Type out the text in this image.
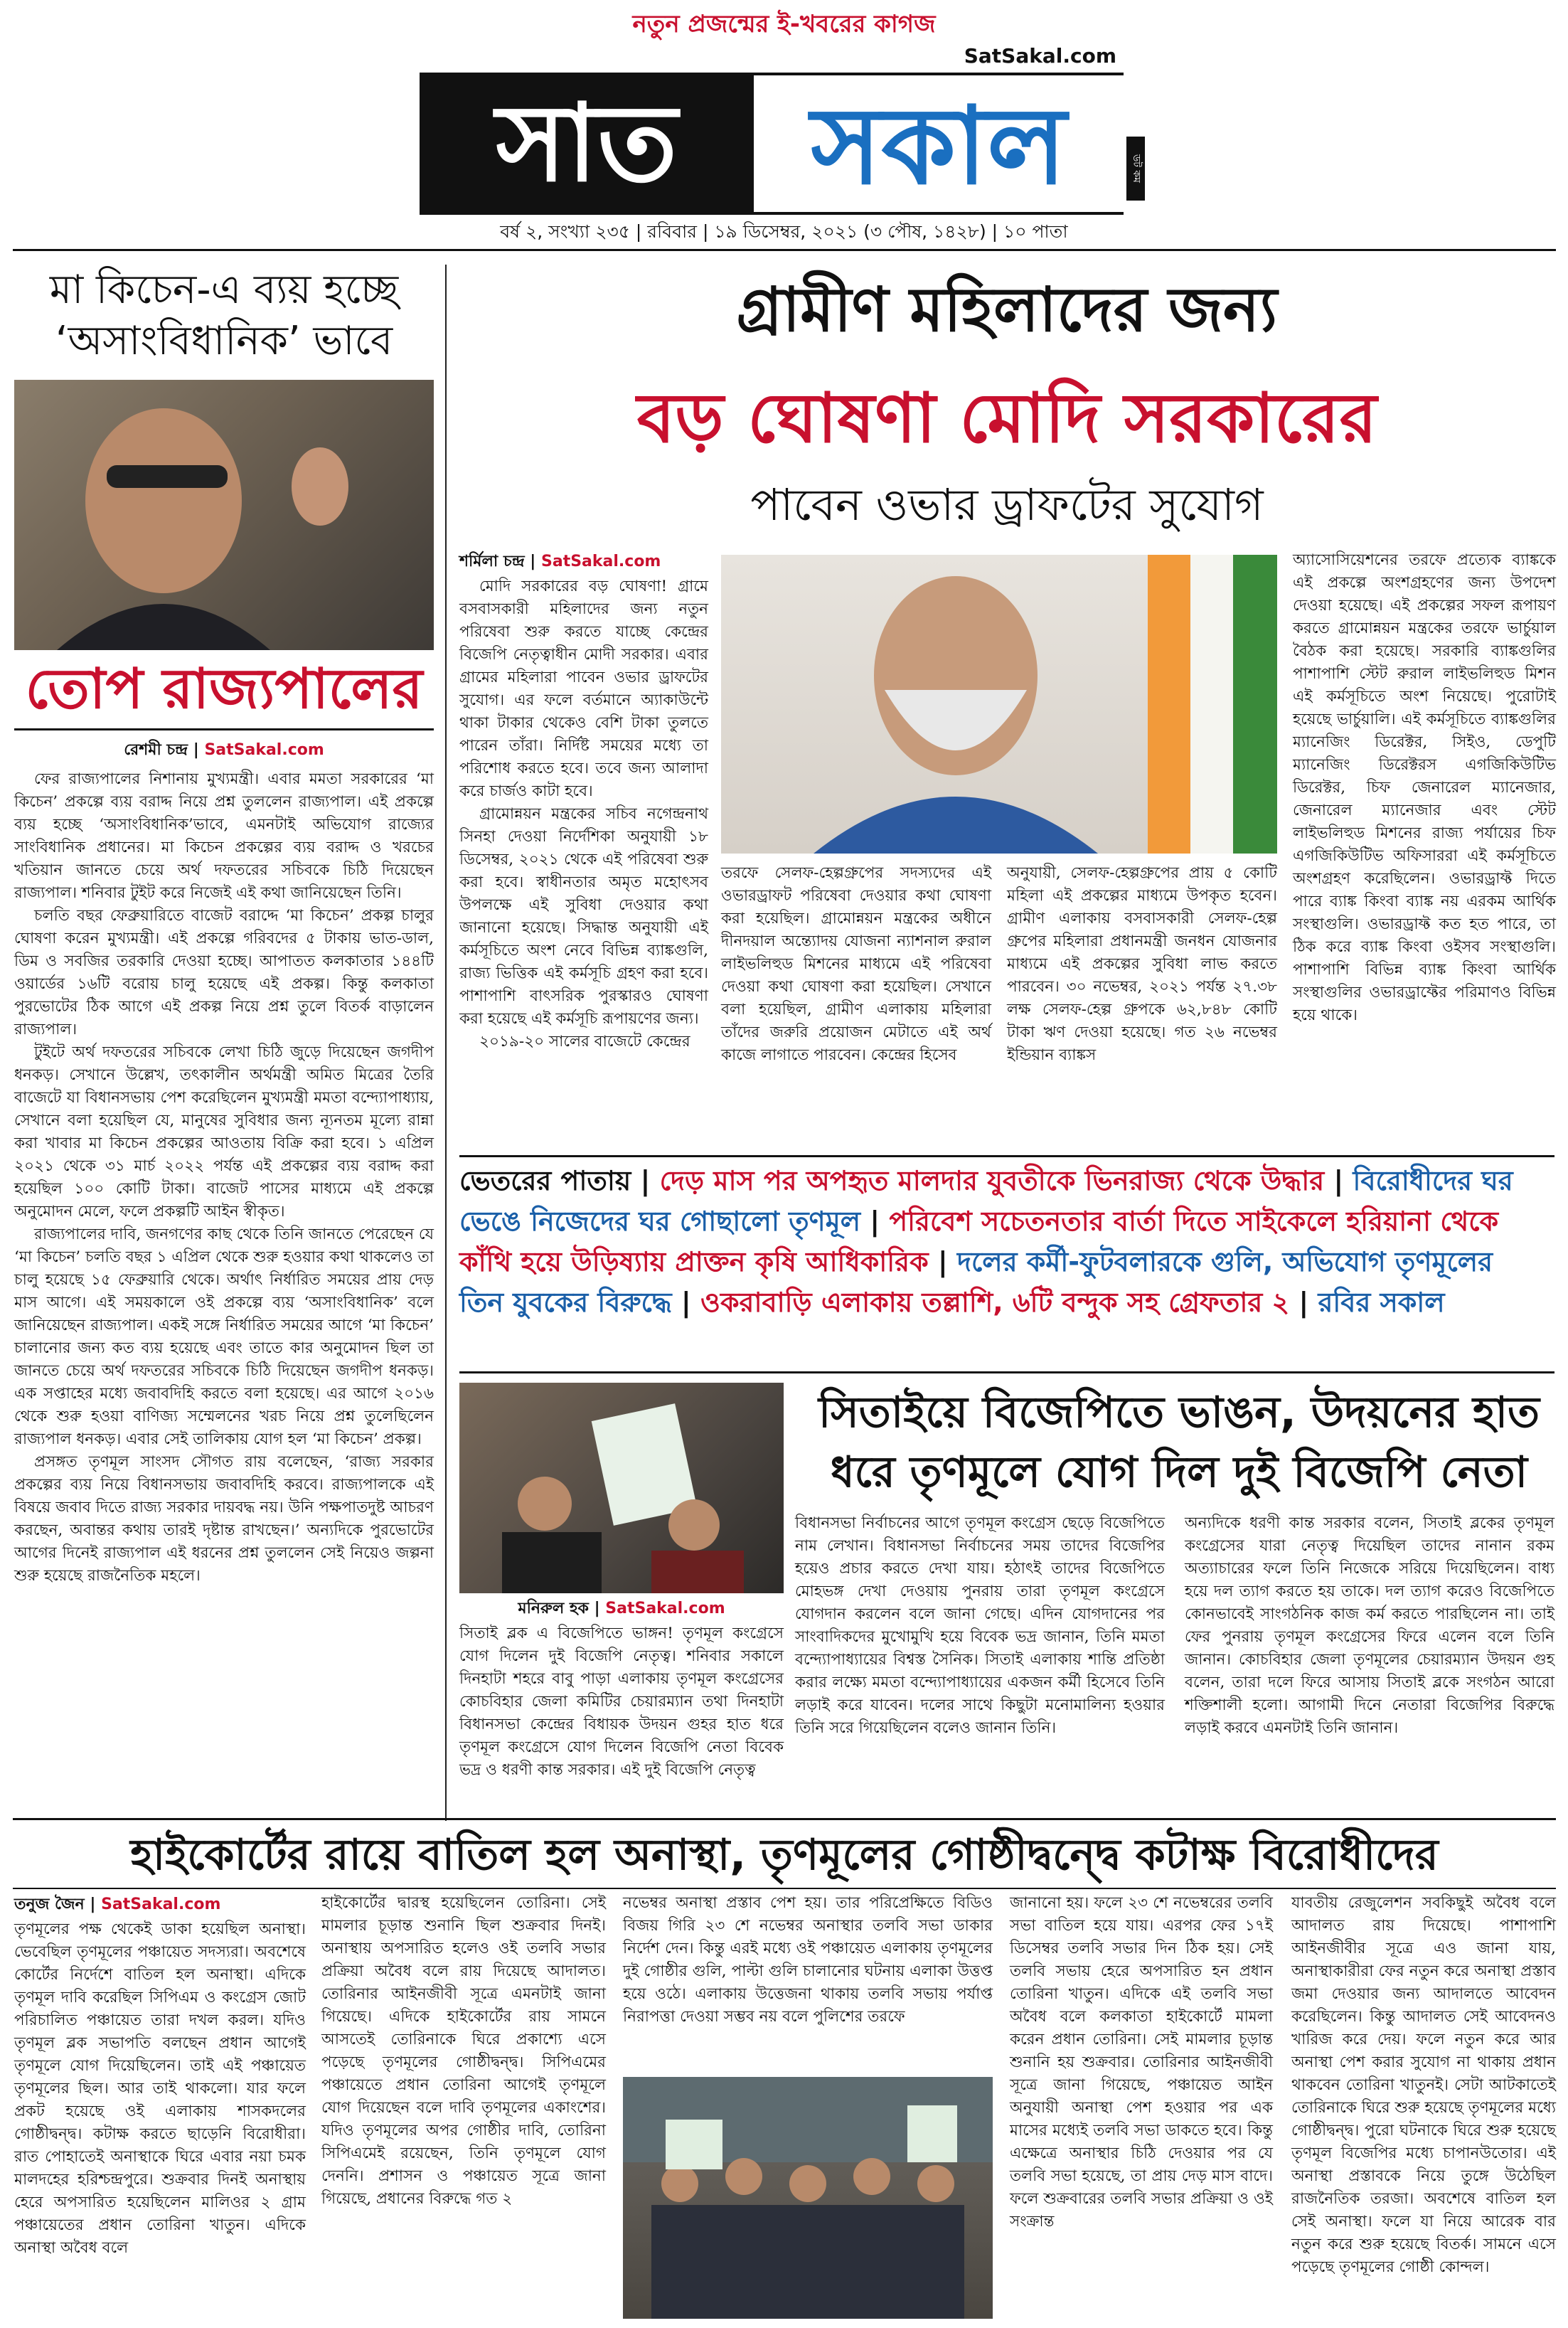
নতুন প্রজন্মের ই-খবরের কাগজ
SatSakal.com
সাত	সকাল	ডট কম
বর্ষ ২, সংখ্যা ২৩৫ | রবিবার | ১৯ ডিসেম্বর, ২০২১ (৩ পৌষ, ১৪২৮) | ১০ পাতা
মা কিচেন-এ ব্যয় হচ্ছে
‘অসাংবিধানিক’ ভাবে
তোপ রাজ্যপালের
রেশমী চন্দ্র | SatSakal.com
ফের রাজ্যপালের নিশানায় মুখ্যমন্ত্রী। এবার মমতা সরকারের ‘মা কিচেন’ প্রকল্পে ব্যয় বরাদ্দ নিয়ে প্রশ্ন তুললেন রাজ্যপাল। এই প্রকল্পে ব্যয় হচ্ছে ‘অসাংবিধানিক’ভাবে, এমনটাই অভিযোগ রাজ্যের সাংবিধানিক প্রধানের। মা কিচেন প্রকল্পের ব্যয় বরাদ্দ ও খরচের খতিয়ান জানতে চেয়ে অর্থ দফতরের সচিবকে চিঠি দিয়েছেন রাজ্যপাল। শনিবার টুইট করে নিজেই এই কথা জানিয়েছেন তিনি।
চলতি বছর ফেব্রুয়ারিতে বাজেট বরাদ্দে ‘মা কিচেন’ প্রকল্প চালুর ঘোষণা করেন মুখ্যমন্ত্রী। এই প্রকল্পে গরিবদের ৫ টাকায় ভাত-ডাল, ডিম ও সবজির তরকারি দেওয়া হচ্ছে। আপাতত কলকাতার ১৪৪টি ওয়ার্ডের ১৬টি বরোয় চালু হয়েছে এই প্রকল্প। কিন্তু কলকাতা পুরভোটের ঠিক আগে এই প্রকল্প নিয়ে প্রশ্ন তুলে বিতর্ক বাড়ালেন রাজ্যপাল।
টুইটে অর্থ দফতরের সচিবকে লেখা চিঠি জুড়ে দিয়েছেন জগদীপ ধনকড়। সেখানে উল্লেখ, তৎকালীন অর্থমন্ত্রী অমিত মিত্রের তৈরি বাজেটে যা বিধানসভায় পেশ করেছিলেন মুখ্যমন্ত্রী মমতা বন্দ্যোপাধ্যায়, সেখানে বলা হয়েছিল যে, মানুষের সুবিধার জন্য ন্যূনতম মূল্যে রান্না করা খাবার মা কিচেন প্রকল্পের আওতায় বিক্রি করা হবে। ১ এপ্রিল ২০২১ থেকে ৩১ মার্চ ২০২২ পর্যন্ত এই প্রকল্পের ব্যয় বরাদ্দ করা হয়েছিল ১০০ কোটি টাকা। বাজেট পাসের মাধ্যমে এই প্রকল্পে অনুমোদন মেলে, ফলে প্রকল্পটি আইন স্বীকৃত।
রাজ্যপালের দাবি, জনগণের কাছ থেকে তিনি জানতে পেরেছেন যে ‘মা কিচেন’ চলতি বছর ১ এপ্রিল থেকে শুরু হওয়ার কথা থাকলেও তা চালু হয়েছে ১৫ ফেব্রুয়ারি থেকে। অর্থাৎ নির্ধারিত সময়ের প্রায় দেড় মাস আগে। এই সময়কালে ওই প্রকল্পে ব্যয় ‘অসাংবিধানিক’ বলে জানিয়েছেন রাজ্যপাল। একই সঙ্গে নির্ধারিত সময়ের আগে ‘মা কিচেন’ চালানোর জন্য কত ব্যয় হয়েছে এবং তাতে কার অনুমোদন ছিল তা জানতে চেয়ে অর্থ দফতরের সচিবকে চিঠি দিয়েছেন জগদীপ ধনকড়। এক সপ্তাহের মধ্যে জবাবদিহি করতে বলা হয়েছে। এর আগে ২০১৬ থেকে শুরু হওয়া বাণিজ্য সম্মেলনের খরচ নিয়ে প্রশ্ন তুলেছিলেন রাজ্যপাল ধনকড়। এবার সেই তালিকায় যোগ হল ‘মা কিচেন’ প্রকল্প।
প্রসঙ্গত তৃণমূল সাংসদ সৌগত রায় বলেছেন, ‘রাজ্য সরকার প্রকল্পের ব্যয় নিয়ে বিধানসভায় জবাবদিহি করবে। রাজ্যপালকে এই বিষয়ে জবাব দিতে রাজ্য সরকার দায়বদ্ধ নয়। উনি পক্ষপাতদুষ্ট আচরণ করছেন, অবান্তর কথায় তারই দৃষ্টান্ত রাখছেন।’ অন্যদিকে পুরভোটের আগের দিনেই রাজ্যপাল এই ধরনের প্রশ্ন তুললেন সেই নিয়েও জল্পনা শুরু হয়েছে রাজনৈতিক মহলে।
গ্রামীণ মহিলাদের জন্য
বড় ঘোষণা মোদি সরকারের
পাবেন ওভার ড্রাফটের সুযোগ
শর্মিলা চন্দ্র | SatSakal.com
মোদি সরকারের বড় ঘোষণা! গ্রামে বসবাসকারী মহিলাদের জন্য নতুন পরিষেবা শুরু করতে যাচ্ছে কেন্দ্রের বিজেপি নেতৃত্বাধীন মোদী সরকার। এবার গ্রামের মহিলারা পাবেন ওভার ড্রাফটের সুযোগ। এর ফলে বর্তমানে অ্যাকাউন্টে থাকা টাকার থেকেও বেশি টাকা তুলতে পারেন তাঁরা। নির্দিষ্ট সময়ের মধ্যে তা পরিশোধ করতে হবে। তবে জন্য আলাদা করে চার্জও কাটা হবে।
গ্রামোন্নয়ন মন্ত্রকের সচিব নগেন্দ্রনাথ সিনহা দেওয়া নির্দেশিকা অনুযায়ী ১৮ ডিসেম্বর, ২০২১ থেকে এই পরিষেবা শুরু করা হবে। স্বাধীনতার অমৃত মহোৎসব উপলক্ষে এই সুবিধা দেওয়ার কথা জানানো হয়েছে। সিদ্ধান্ত অনুযায়ী এই কর্মসূচিতে অংশ নেবে বিভিন্ন ব্যাঙ্কগুলি, রাজ্য ভিত্তিক এই কর্মসূচি গ্রহণ করা হবে। পাশাপাশি বাৎসরিক পুরস্কারও ঘোষণা করা হয়েছে এই কর্মসূচি রূপায়ণের জন্য।
২০১৯-২০ সালের বাজেটে কেন্দ্রের
তরফে সেলফ-হেল্পগ্রুপের সদস্যদের এই ওভারড্রাফট পরিষেবা দেওয়ার কথা ঘোষণা করা হয়েছিল। গ্রামোন্নয়ন মন্ত্রকের অধীনে দীনদয়াল অন্ত্যোদয় যোজনা ন্যাশনাল রুরাল লাইভলিহুড মিশনের মাধ্যমে এই পরিষেবা দেওয়া কথা ঘোষণা করা হয়েছিল। সেখানে বলা হয়েছিল, গ্রামীণ এলাকায় মহিলারা তাঁদের জরুরি প্রয়োজন মেটাতে এই অর্থ কাজে লাগাতে পারবেন। কেন্দ্রের হিসেব
অনুযায়ী, সেলফ-হেল্পগ্রুপের প্রায় ৫ কোটি মহিলা এই প্রকল্পের মাধ্যমে উপকৃত হবেন। গ্রামীণ এলাকায় বসবাসকারী সেলফ-হেল্প গ্রুপের মহিলারা প্রধানমন্ত্রী জনধন যোজনার মাধ্যমে এই প্রকল্পের সুবিধা লাভ করতে পারবেন। ৩০ নভেম্বর, ২০২১ পর্যন্ত ২৭.৩৮ লক্ষ সেলফ-হেল্প গ্রুপকে ৬২,৮৪৮ কোটি টাকা ঋণ দেওয়া হয়েছে। গত ২৬ নভেম্বর ইন্ডিয়ান ব্যাঙ্কস
অ্যাসোসিয়েশনের তরফে প্রত্যেক ব্যাঙ্ককে এই প্রকল্পে অংশগ্রহণের জন্য উপদেশ দেওয়া হয়েছে। এই প্রকল্পের সফল রূপায়ণ করতে গ্রামোন্নয়ন মন্ত্রকের তরফে ভার্চুয়াল বৈঠক করা হয়েছে। সরকারি ব্যাঙ্কগুলির পাশাপাশি স্টেট রুরাল লাইভলিহুড মিশন এই কর্মসূচিতে অংশ নিয়েছে। পুরোটাই হয়েছে ভার্চুয়ালি। এই কর্মসূচিতে ব্যাঙ্কগুলির ম্যানেজিং ডিরেক্টর, সিইও, ডেপুটি ম্যানেজিং ডিরেক্টরস এগজিকিউটিভ ডিরেক্টর, চিফ জেনারেল ম্যানেজার, জেনারেল ম্যানেজার এবং স্টেট লাইভলিহুড মিশনের রাজ্য পর্যায়ের চিফ এগজিকিউটিভ অফিসাররা এই কর্মসূচিতে অংশগ্রহণ করেছিলেন। ওভারড্রাফ্ট দিতে পারে ব্যাঙ্ক কিংবা ব্যাঙ্ক নয় এরকম আর্থিক সংস্থাগুলি। ওভারড্রাফ্ট কত হত পারে, তা ঠিক করে ব্যাঙ্ক কিংবা ওইসব সংস্থাগুলি। পাশাপাশি বিভিন্ন ব্যাঙ্ক কিংবা আর্থিক সংস্থাগুলির ওভারড্রাফ্টের পরিমাণও বিভিন্ন হয়ে থাকে।
ভেতরের পাতায় | দেড় মাস পর অপহৃত মালদার যুবতীকে ভিনরাজ্য থেকে উদ্ধার | বিরোধীদের ঘর ভেঙে নিজেদের ঘর গোছালো তৃণমূল | পরিবেশ সচেতনতার বার্তা দিতে সাইকেলে হরিয়ানা থেকে কাঁথি হয়ে উড়িষ্যায় প্রাক্তন কৃষি আধিকারিক | দলের কর্মী-ফুটবলারকে গুলি, অভিযোগ তৃণমূলের তিন যুবকের বিরুদ্ধে | ওকরাবাড়ি এলাকায় তল্লাশি, ৬টি বন্দুক সহ গ্রেফতার ২ | রবির সকাল
সিতাইয়ে বিজেপিতে ভাঙন, উদয়নের হাত
ধরে তৃণমূলে যোগ দিল দুই বিজেপি নেতা
মনিরুল হক | SatSakal.com
সিতাই ব্লক এ বিজেপিতে ভাঙ্গন! তৃণমূল কংগ্রেসে যোগ দিলেন দুই বিজেপি নেতৃত্ব। শনিবার সকালে দিনহাটা শহরে বাবু পাড়া এলাকায় তৃণমূল কংগ্রেসের কোচবিহার জেলা কমিটির চেয়ারম্যান তথা দিনহাটা বিধানসভা কেন্দ্রের বিধায়ক উদয়ন গুহর হাত ধরে তৃণমূল কংগ্রেসে যোগ দিলেন বিজেপি নেতা বিবেক ভদ্র ও ধরণী কান্ত সরকার। এই দুই বিজেপি নেতৃত্ব
বিধানসভা নির্বাচনের আগে তৃণমূল কংগ্রেস ছেড়ে বিজেপিতে নাম লেখান। বিধানসভা নির্বাচনের সময় তাদের বিজেপির হয়েও প্রচার করতে দেখা যায়। হঠাৎই তাদের বিজেপিতে মোহভঙ্গ দেখা দেওয়ায় পুনরায় তারা তৃণমূল কংগ্রেসে যোগদান করলেন বলে জানা গেছে। এদিন যোগদানের পর সাংবাদিকদের মুখোমুখি হয়ে বিবেক ভদ্র জানান, তিনি মমতা বন্দ্যোপাধ্যায়ের বিশ্বস্ত সৈনিক। সিতাই এলাকায় শান্তি প্রতিষ্ঠা করার লক্ষ্যে মমতা বন্দ্যোপাধ্যায়ের একজন কর্মী হিসেবে তিনি লড়াই করে যাবেন। দলের সাথে কিছুটা মনোমালিন্য হওয়ার তিনি সরে গিয়েছিলেন বলেও জানান তিনি।
অন্যদিকে ধরণী কান্ত সরকার বলেন, সিতাই ব্লকের তৃণমূল কংগ্রেসের যারা নেতৃত্ব দিয়েছিল তাদের নানান রকম অত্যাচারের ফলে তিনি নিজেকে সরিয়ে দিয়েছিলেন। বাধ্য হয়ে দল ত্যাগ করতে হয় তাকে। দল ত্যাগ করেও বিজেপিতে কোনভাবেই সাংগঠনিক কাজ কর্ম করতে পারছিলেন না। তাই ফের পুনরায় তৃণমূল কংগ্রেসের ফিরে এলেন বলে তিনি জানান। কোচবিহার জেলা তৃণমূলের চেয়ারম্যান উদয়ন গুহ বলেন, তারা দলে ফিরে আসায় সিতাই ব্লকে সংগঠন আরো শক্তিশালী হলো। আগামী দিনে নেতারা বিজেপির বিরুদ্ধে লড়াই করবে এমনটাই তিনি জানান।
হাইকোর্টের রায়ে বাতিল হল অনাস্থা, তৃণমূলের গোষ্ঠীদ্বন্দ্বে কটাক্ষ বিরোধীদের
তনুজ জৈন | SatSakal.com
তৃণমূলের পক্ষ থেকেই ডাকা হয়েছিল অনাস্থা। ভেবেছিল তৃণমূলের পঞ্চায়েত সদস্যরা। অবশেষে কোর্টের নির্দেশে বাতিল হল অনাস্থা। এদিকে তৃণমূল দাবি করেছিল সিপিএম ও কংগ্রেস জোট পরিচালিত পঞ্চায়েত তারা দখল করল। যদিও তৃণমূল ব্লক সভাপতি বলছেন প্রধান আগেই তৃণমূলে যোগ দিয়েছিলেন। তাই এই পঞ্চায়েত তৃণমূলের ছিল। আর তাই থাকলো। যার ফলে প্রকট হয়েছে ওই এলাকায় শাসকদলের গোষ্ঠীদ্বন্দ্ব। কটাক্ষ করতে ছাড়েনি বিরোধীরা। রাত পোহাতেই অনাস্থাকে ঘিরে এবার নয়া চমক মালদহের হরিশ্চন্দ্রপুরে। শুক্রবার দিনই অনাস্থায় হেরে অপসারিত হয়েছিলেন মালিওর ২ গ্রাম পঞ্চায়েতের প্রধান তোরিনা খাতুন। এদিকে অনাস্থা অবৈধ বলে
হাইকোর্টের দ্বারস্থ হয়েছিলেন তোরিনা। সেই মামলার চূড়ান্ত শুনানি ছিল শুক্রবার দিনই। অনাস্থায় অপসারিত হলেও ওই তলবি সভার প্রক্রিয়া অবৈধ বলে রায় দিয়েছে আদালত। তোরিনার আইনজীবী সূত্রে এমনটাই জানা গিয়েছে। এদিকে হাইকোর্টের রায় সামনে আসতেই তোরিনাকে ঘিরে প্রকাশ্যে এসে পড়েছে তৃণমূলের গোষ্ঠীদ্বন্দ্ব। সিপিএমের পঞ্চায়েতে প্রধান তোরিনা আগেই তৃণমূলে যোগ দিয়েছেন বলে দাবি তৃণমূলের একাংশের। যদিও তৃণমূলের অপর গোষ্ঠীর দাবি, তোরিনা সিপিএমেই রয়েছেন, তিনি তৃণমূলে যোগ দেননি। প্রশাসন ও পঞ্চায়েত সূত্রে জানা গিয়েছে, প্রধানের বিরুদ্ধে গত ২
নভেম্বর অনাস্থা প্রস্তাব পেশ হয়। তার পরিপ্রেক্ষিতে বিডিও বিজয় গিরি ২৩ শে নভেম্বর অনাস্থার তলবি সভা ডাকার নির্দেশ দেন। কিন্তু এরই মধ্যে ওই পঞ্চায়েত এলাকায় তৃণমূলের দুই গোষ্ঠীর গুলি, পাল্টা গুলি চালানোর ঘটনায় এলাকা উত্তপ্ত হয়ে ওঠে। এলাকায় উত্তেজনা থাকায় তলবি সভায় পর্যাপ্ত নিরাপত্তা দেওয়া সম্ভব নয় বলে পুলিশের তরফে
জানানো হয়। ফলে ২৩ শে নভেম্বরের তলবি সভা বাতিল হয়ে যায়। এরপর ফের ১৭ই ডিসেম্বর তলবি সভার দিন ঠিক হয়। সেই তলবি সভায় হেরে অপসারিত হন প্রধান তোরিনা খাতুন। এদিকে এই তলবি সভা অবৈধ বলে কলকাতা হাইকোর্টে মামলা করেন প্রধান তোরিনা। সেই মামলার চূড়ান্ত শুনানি হয় শুক্রবার। তোরিনার আইনজীবী সূত্রে জানা গিয়েছে, পঞ্চায়েত আইন অনুযায়ী অনাস্থা পেশ হওয়ার পর এক মাসের মধ্যেই তলবি সভা ডাকতে হবে। কিন্তু এক্ষেত্রে অনাস্থার চিঠি দেওয়ার পর যে তলবি সভা হয়েছে, তা প্রায় দেড় মাস বাদে। ফলে শুক্রবারের তলবি সভার প্রক্রিয়া ও ওই সংক্রান্ত
যাবতীয় রেজুলেশন সবকিছুই অবৈধ বলে আদালত রায় দিয়েছে। পাশাপাশি আইনজীবীর সূত্রে এও জানা যায়, অনাস্থাকারীরা ফের নতুন করে অনাস্থা প্রস্তাব জমা দেওয়ার জন্য আদালতে আবেদন করেছিলেন। কিন্তু আদালত সেই আবেদনও খারিজ করে দেয়। ফলে নতুন করে আর অনাস্থা পেশ করার সুযোগ না থাকায় প্রধান থাকবেন তোরিনা খাতুনই। সেটা আটকাতেই তোরিনাকে ঘিরে শুরু হয়েছে তৃণমূলের মধ্যে গোষ্ঠীদ্বন্দ্ব। পুরো ঘটনাকে ঘিরে শুরু হয়েছে তৃণমূল বিজেপির মধ্যে চাপানউতোর। এই অনাস্থা প্রস্তাবকে নিয়ে তুঙ্গে উঠেছিল রাজনৈতিক তরজা। অবশেষে বাতিল হল সেই অনাস্থা। ফলে যা নিয়ে আরেক বার নতুন করে শুরু হয়েছে বিতর্ক। সামনে এসে পড়েছে তৃণমূলের গোষ্ঠী কোন্দল।
